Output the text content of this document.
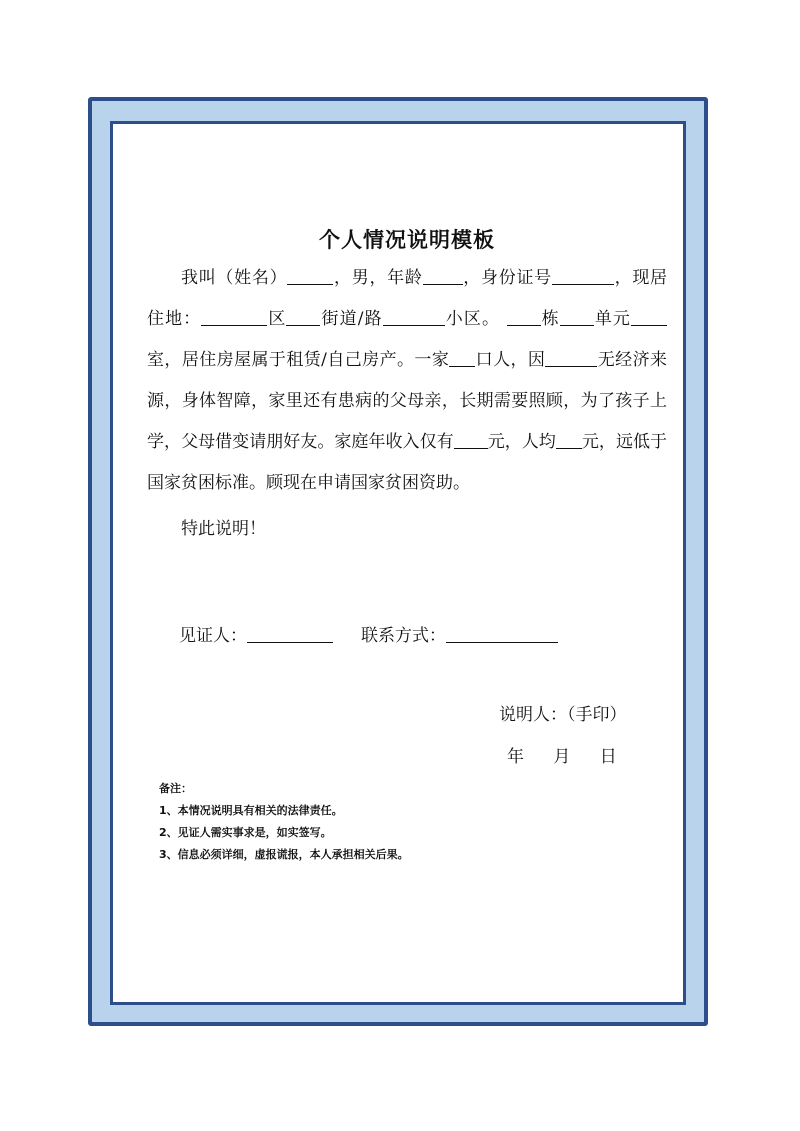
个人情况说明模板

我叫（姓名）	，男，年龄 ，身份证号	，现居住地：	区 街道/路	小区。 栋 单元室，居住房屋属于租赁/自己房产。一家 口人，因	无经济来源，身体智障，家里还有患病的父母亲，长期需要照顾，为了孩子上学，父母借变请朋好友。家庭年收入仅有 元，人均 元，远低于国家贫困标准。顾现在申请国家贫困资助。

特此说明！

见证人：	联系方式：
说明人：（手印）
年 月 日
备注：
1、本情况说明具有相关的法律责任。
2、见证人需实事求是，如实签写。
3、信息必须详细，虚报谎报，本人承担相关后果。
